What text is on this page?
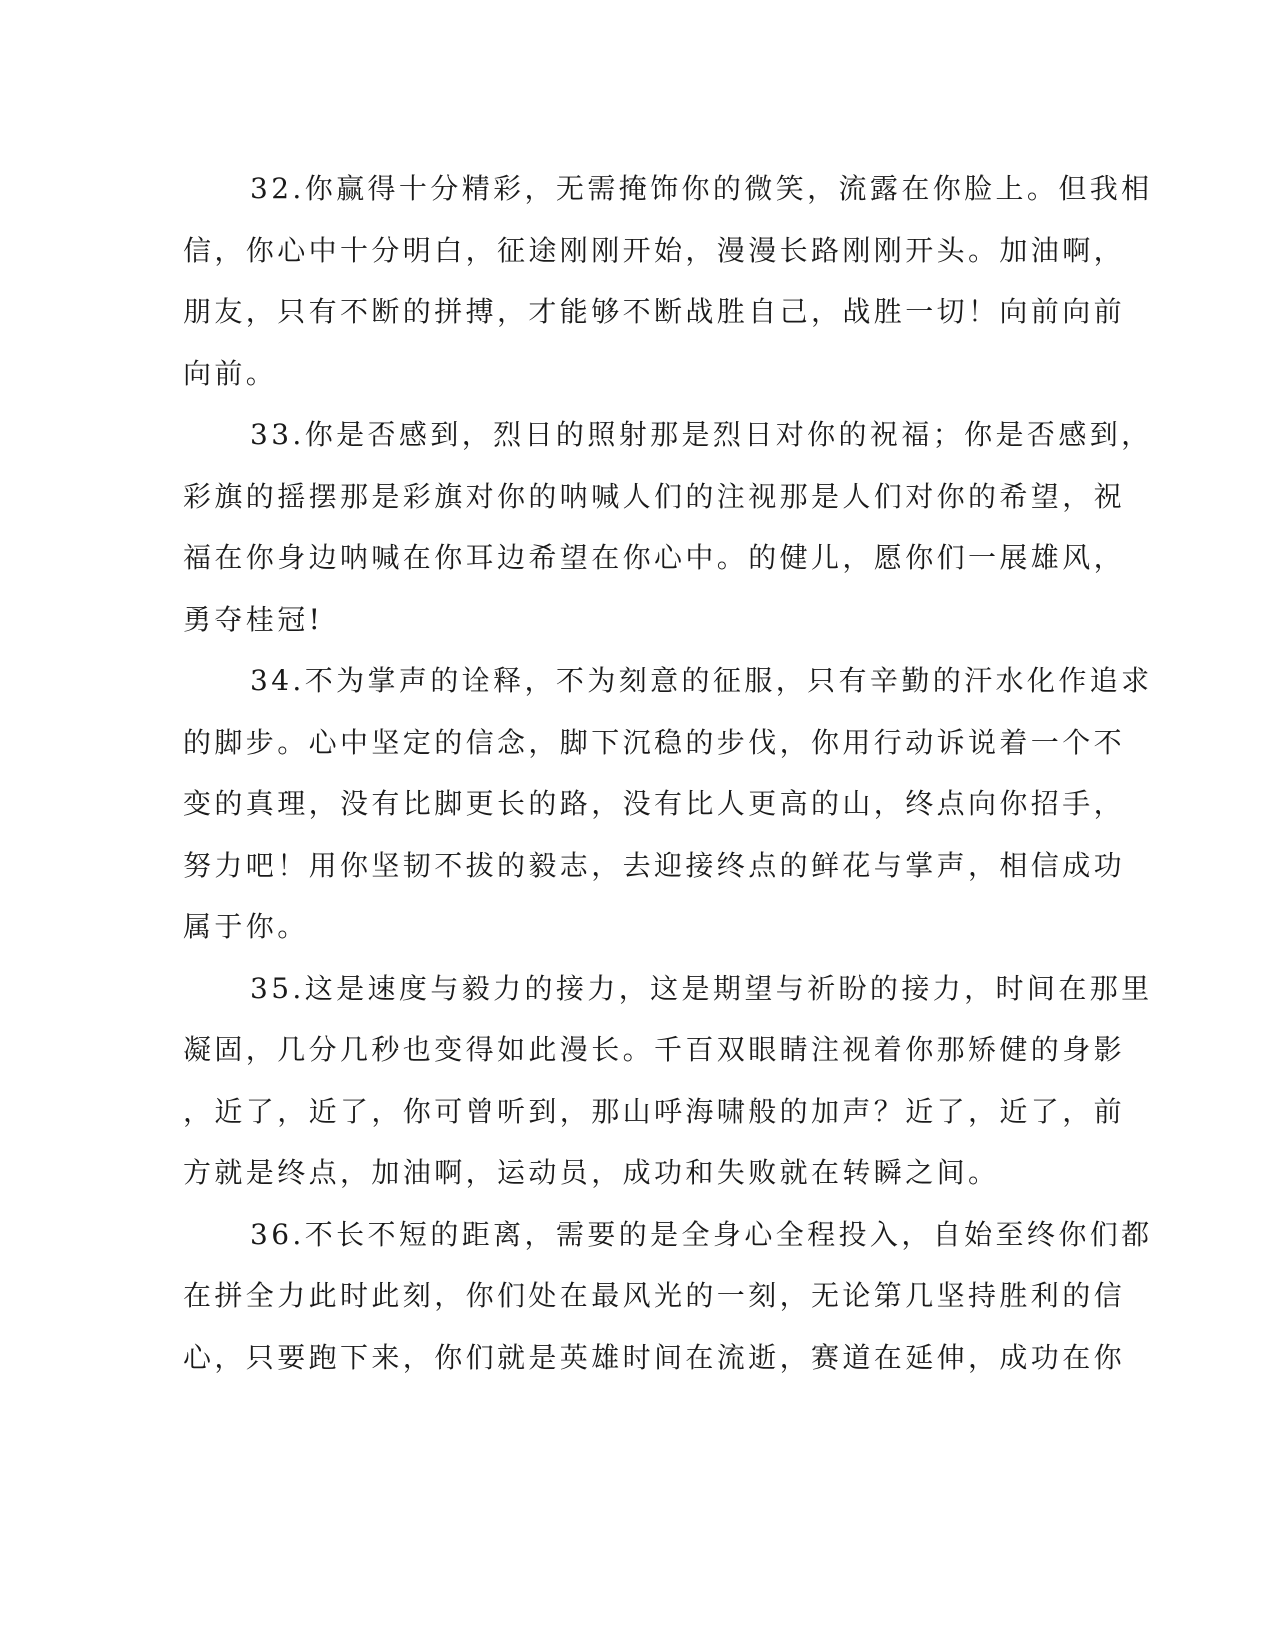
32.你赢得十分精彩，无需掩饰你的微笑，流露在你脸上。但我相
信，你心中十分明白，征途刚刚开始，漫漫长路刚刚开头。加油啊，
朋友，只有不断的拼搏，才能够不断战胜自己，战胜一切！向前向前
向前。
33.你是否感到，烈日的照射那是烈日对你的祝福；你是否感到，
彩旗的摇摆那是彩旗对你的呐喊人们的注视那是人们对你的希望，祝
福在你身边呐喊在你耳边希望在你心中。的健儿，愿你们一展雄风，
勇夺桂冠!
34.不为掌声的诠释，不为刻意的征服，只有辛勤的汗水化作追求
的脚步。心中坚定的信念，脚下沉稳的步伐，你用行动诉说着一个不
变的真理，没有比脚更长的路，没有比人更高的山，终点向你招手，
努力吧！用你坚韧不拔的毅志，去迎接终点的鲜花与掌声，相信成功
属于你。
35.这是速度与毅力的接力，这是期望与祈盼的接力，时间在那里
凝固，几分几秒也变得如此漫长。千百双眼睛注视着你那矫健的身影
，近了，近了，你可曾听到，那山呼海啸般的加声？近了，近了，前
方就是终点，加油啊，运动员，成功和失败就在转瞬之间。
36.不长不短的距离，需要的是全身心全程投入，自始至终你们都
在拼全力此时此刻，你们处在最风光的一刻，无论第几坚持胜利的信
心，只要跑下来，你们就是英雄时间在流逝，赛道在延伸，成功在你
